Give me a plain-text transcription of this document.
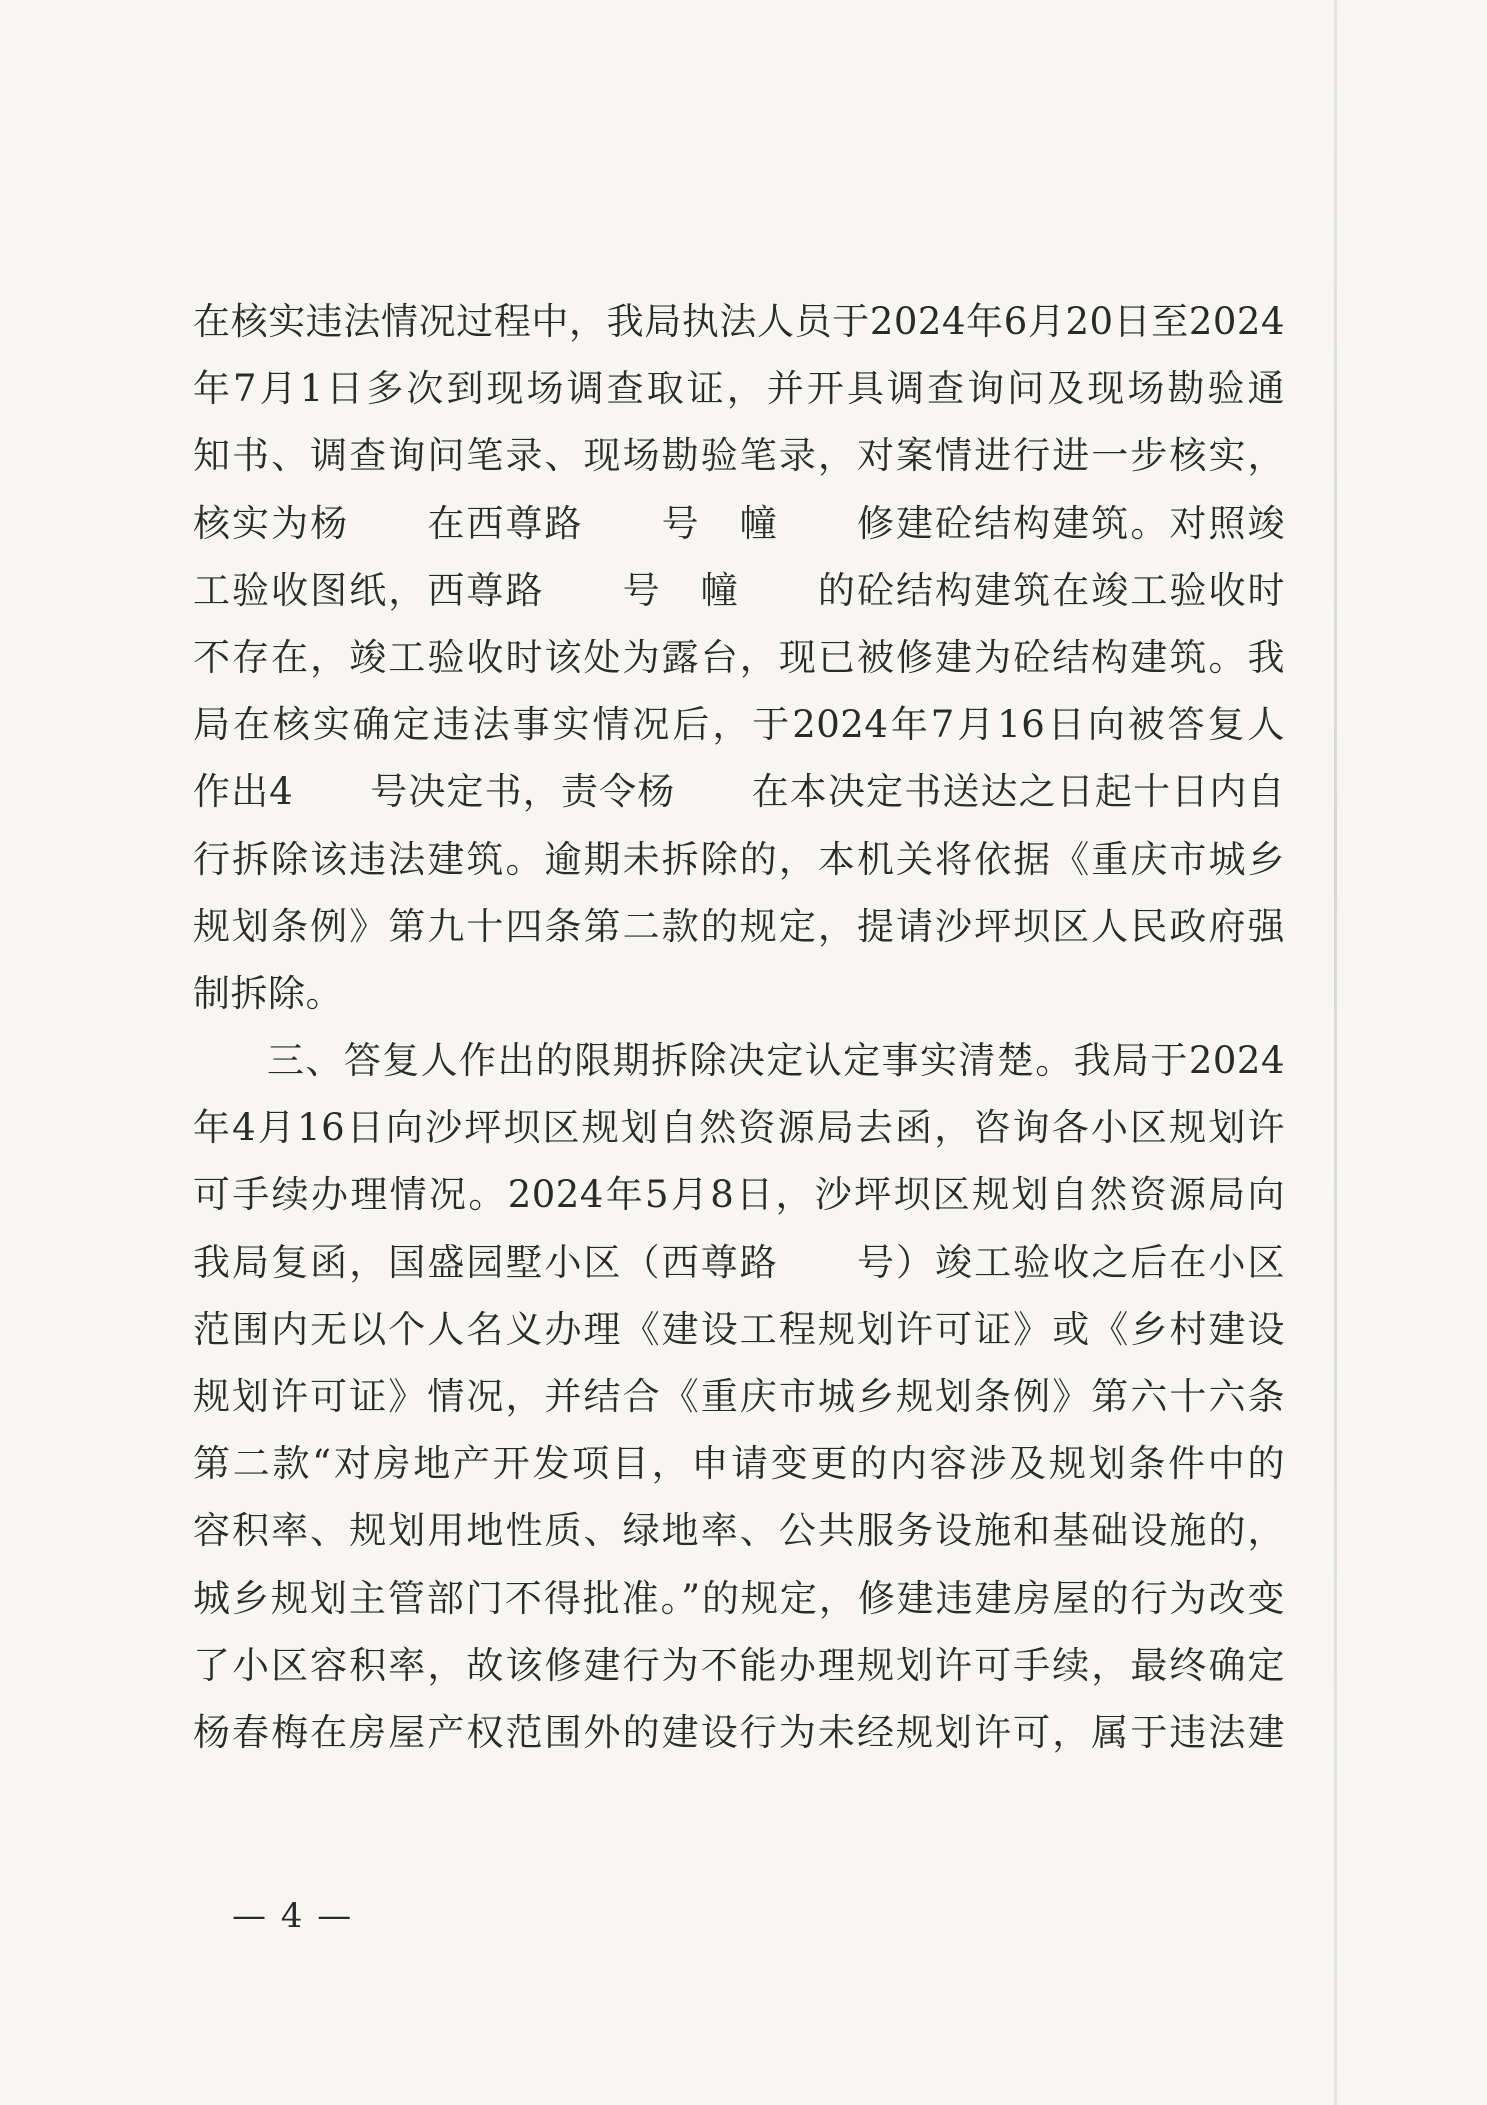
在核实违法情况过程中，我局执法人员于2024年6月20日至2024
年7月1日多次到现场调查取证，并开具调查询问及现场勘验通
知书、调查询问笔录、现场勘验笔录，对案情进行进一步核实，
核实为杨　　在西尊路　　号　幢　　修建砼结构建筑。对照竣
工验收图纸，西尊路　　号　幢　　的砼结构建筑在竣工验收时
不存在，竣工验收时该处为露台，现已被修建为砼结构建筑。我
局在核实确定违法事实情况后，于2024年7月16日向被答复人
作出4　　号决定书，责令杨　　在本决定书送达之日起十日内自
行拆除该违法建筑。逾期未拆除的，本机关将依据《重庆市城乡
规划条例》第九十四条第二款的规定，提请沙坪坝区人民政府强
制拆除。
三、答复人作出的限期拆除决定认定事实清楚。我局于2024
年4月16日向沙坪坝区规划自然资源局去函，咨询各小区规划许
可手续办理情况。2024年5月8日，沙坪坝区规划自然资源局向
我局复函，国盛园墅小区（西尊路　　号）竣工验收之后在小区
范围内无以个人名义办理《建设工程规划许可证》或《乡村建设
规划许可证》情况，并结合《重庆市城乡规划条例》第六十六条
第二款“对房地产开发项目，申请变更的内容涉及规划条件中的
容积率、规划用地性质、绿地率、公共服务设施和基础设施的，
城乡规划主管部门不得批准。”的规定，修建违建房屋的行为改变
了小区容积率，故该修建行为不能办理规划许可手续，最终确定
杨春梅在房屋产权范围外的建设行为未经规划许可，属于违法建
— 4 —
